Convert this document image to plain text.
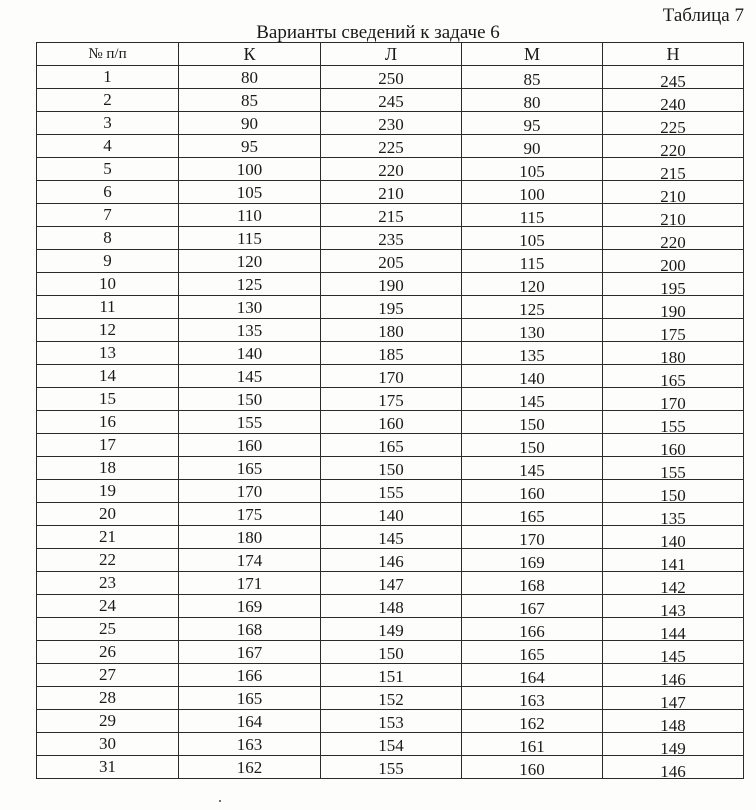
Таблица 7
Варианты сведений к задаче 6
№ п/п	К	Л	М	Н
1	80	250	85	245
2	85	245	80	240
3	90	230	95	225
4	95	225	90	220
5	100	220	105	215
6	105	210	100	210
7	110	215	115	210
8	115	235	105	220
9	120	205	115	200
10	125	190	120	195
11	130	195	125	190
12	135	180	130	175
13	140	185	135	180
14	145	170	140	165
15	150	175	145	170
16	155	160	150	155
17	160	165	150	160
18	165	150	145	155
19	170	155	160	150
20	175	140	165	135
21	180	145	170	140
22	174	146	169	141
23	171	147	168	142
24	169	148	167	143
25	168	149	166	144
26	167	150	165	145
27	166	151	164	146
28	165	152	163	147
29	164	153	162	148
30	163	154	161	149
31	162	155	160	146
